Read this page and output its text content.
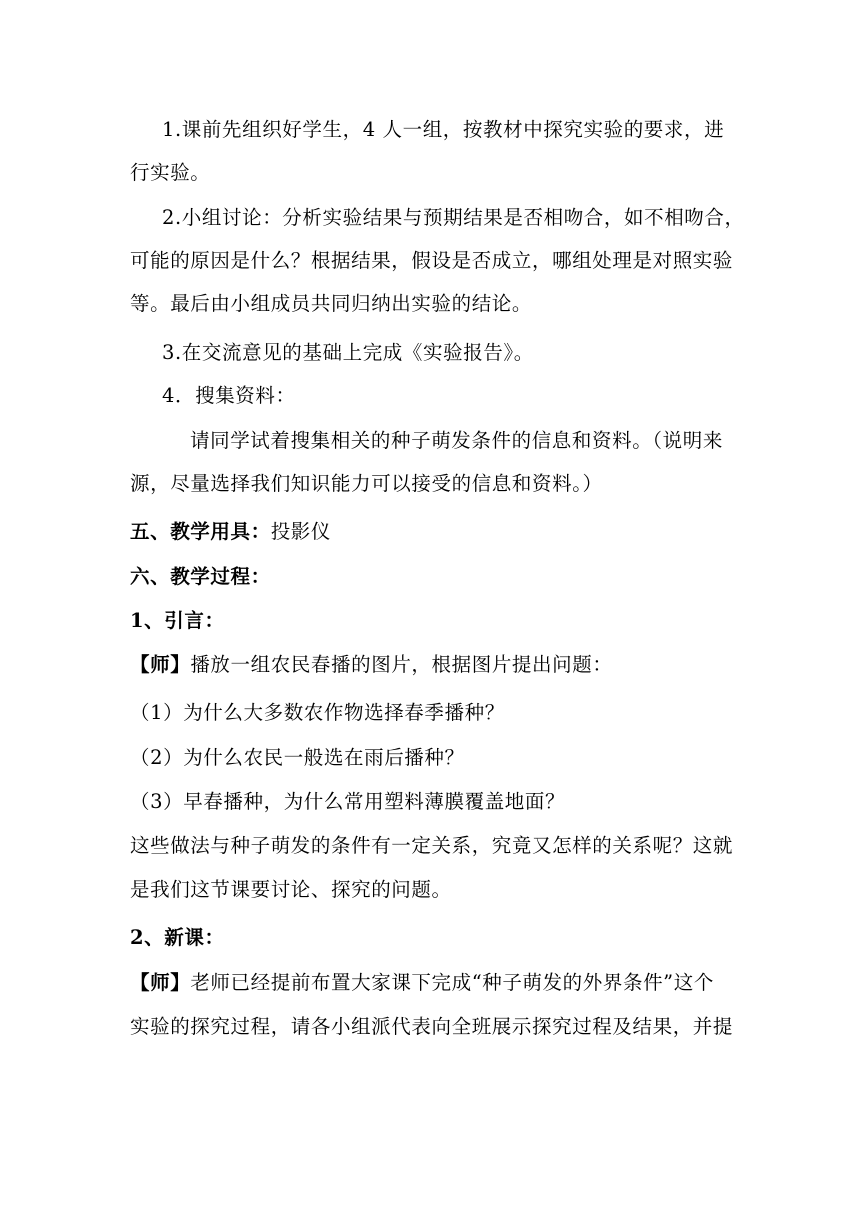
1.课前先组织好学生，4 人一组，按教材中探究实验的要求，进
行实验。
2.小组讨论：分析实验结果与预期结果是否相吻合，如不相吻合，
可能的原因是什么？根据结果，假设是否成立，哪组处理是对照实验
等。最后由小组成员共同归纳出实验的结论。
3.在交流意见的基础上完成《实验报告》。
4．搜集资料：
请同学试着搜集相关的种子萌发条件的信息和资料。（说明来
源，尽量选择我们知识能力可以接受的信息和资料。）
五、教学用具：投影仪
六、教学过程：
1、引言：
【师】播放一组农民春播的图片，根据图片提出问题：
（1）为什么大多数农作物选择春季播种？
（2）为什么农民一般选在雨后播种？
（3）早春播种，为什么常用塑料薄膜覆盖地面？
这些做法与种子萌发的条件有一定关系，究竟又怎样的关系呢？这就
是我们这节课要讨论、探究的问题。
2、新课：
【师】老师已经提前布置大家课下完成“种子萌发的外界条件”这个
实验的探究过程，请各小组派代表向全班展示探究过程及结果，并提
